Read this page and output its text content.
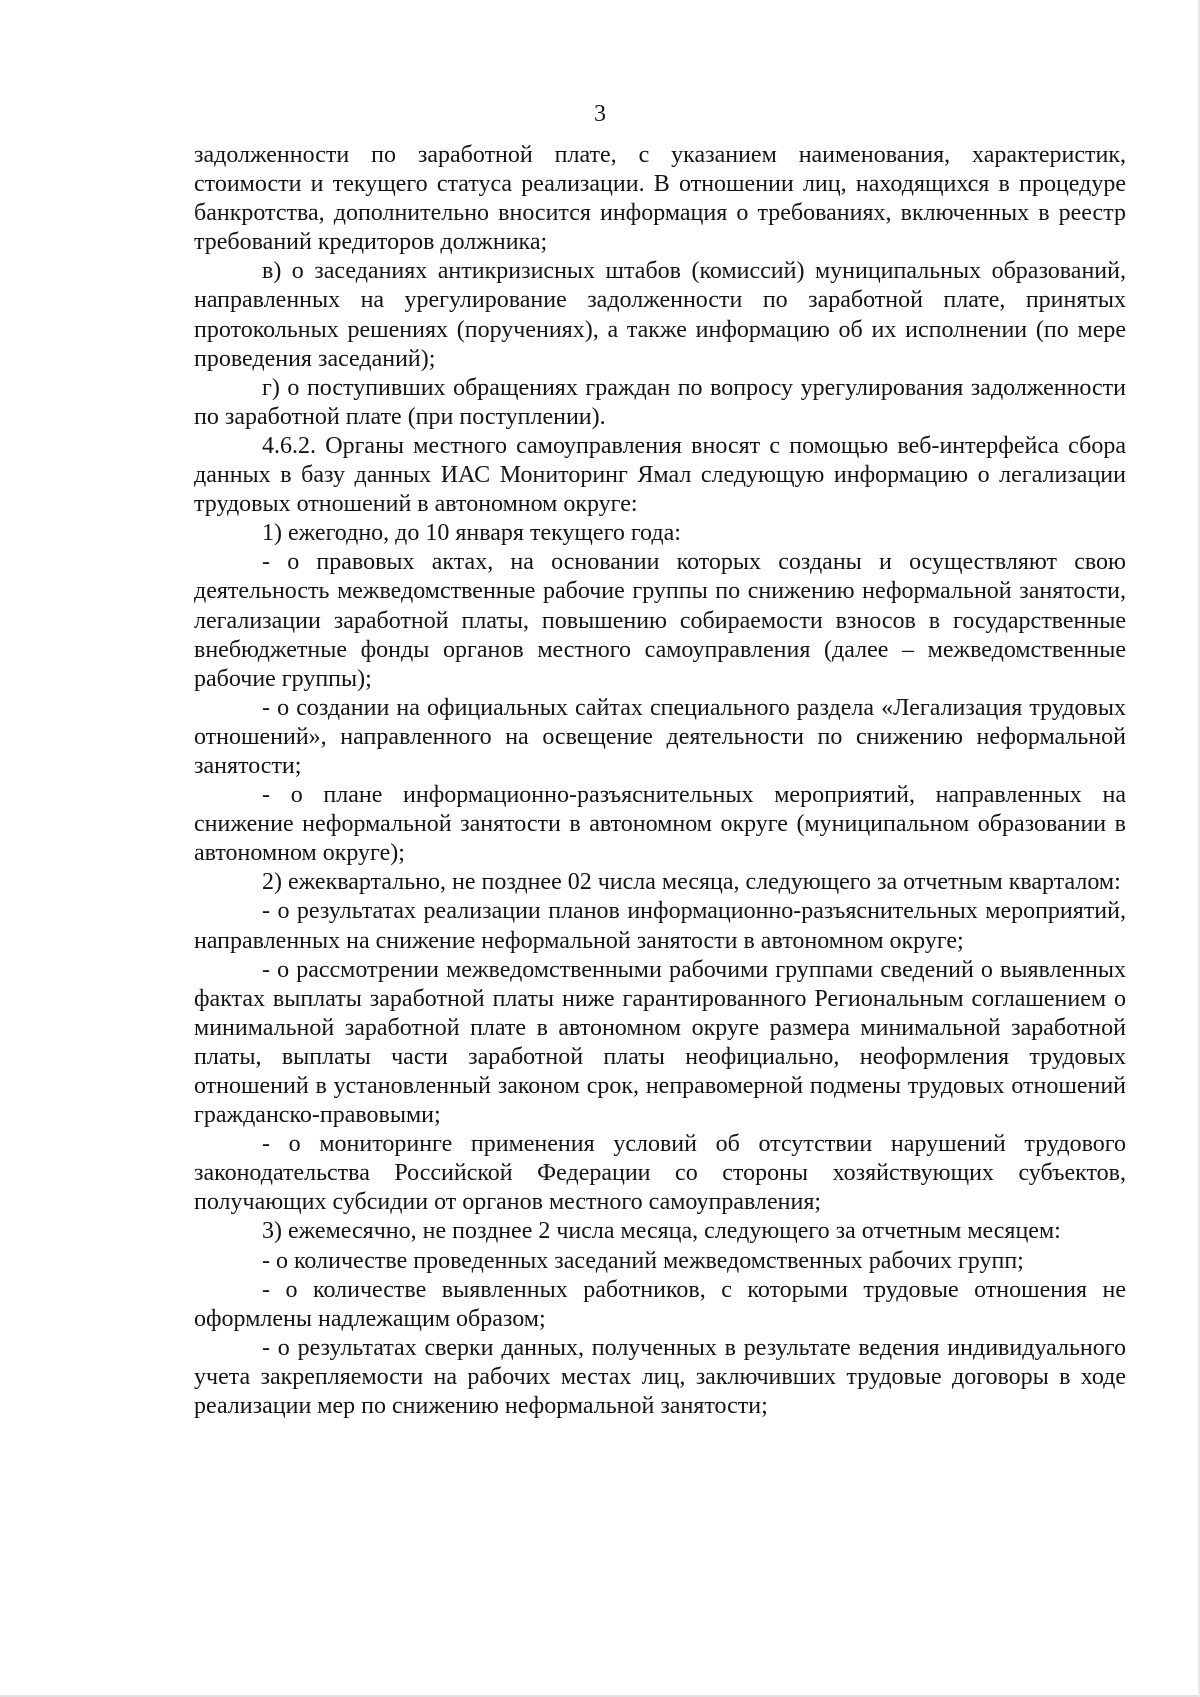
3

задолженности по заработной плате, с указанием наименования, характеристик, стоимости и текущего статуса реализации. В отношении лиц, находящихся в процедуре банкротства, дополнительно вносится информация о требованиях, включенных в реестр требований кредиторов должника;

в) о заседаниях антикризисных штабов (комиссий) муниципальных образований, направленных на урегулирование задолженности по заработной плате, принятых протокольных решениях (поручениях), а также информацию об их исполнении (по мере проведения заседаний);

г) о поступивших обращениях граждан по вопросу урегулирования задолженности по заработной плате (при поступлении).

4.6.2. Органы местного самоуправления вносят с помощью веб-интерфейса сбора данных в базу данных ИАС Мониторинг Ямал следующую информацию о легализации трудовых отношений в автономном округе:

1) ежегодно, до 10 января текущего года:

- о правовых актах, на основании которых созданы и осуществляют свою деятельность межведомственные рабочие группы по снижению неформальной занятости, легализации заработной платы, повышению собираемости взносов в государственные внебюджетные фонды органов местного самоуправления (далее – межведомственные рабочие группы);

- о создании на официальных сайтах специального раздела «Легализация трудовых отношений», направленного на освещение деятельности по снижению неформальной занятости;

- о плане информационно-разъяснительных мероприятий, направленных на снижение неформальной занятости в автономном округе (муниципальном образовании в автономном округе);

2) ежеквартально, не позднее 02 числа месяца, следующего за отчетным кварталом:

- о результатах реализации планов информационно-разъяснительных мероприятий, направленных на снижение неформальной занятости в автономном округе;

- о рассмотрении межведомственными рабочими группами сведений о выявленных фактах выплаты заработной платы ниже гарантированного Региональным соглашением о минимальной заработной плате в автономном округе размера минимальной заработной платы, выплаты части заработной платы неофициально, неоформления трудовых отношений в установленный законом срок, неправомерной подмены трудовых отношений гражданско-правовыми;

- о мониторинге применения условий об отсутствии нарушений трудового законодательства Российской Федерации со стороны хозяйствующих субъектов, получающих субсидии от органов местного самоуправления;

3) ежемесячно, не позднее 2 числа месяца, следующего за отчетным месяцем:

- о количестве проведенных заседаний межведомственных рабочих групп;

- о количестве выявленных работников, с которыми трудовые отношения не оформлены надлежащим образом;

- о результатах сверки данных, полученных в результате ведения индивидуального учета закрепляемости на рабочих местах лиц, заключивших трудовые договоры в ходе реализации мер по снижению неформальной занятости;
